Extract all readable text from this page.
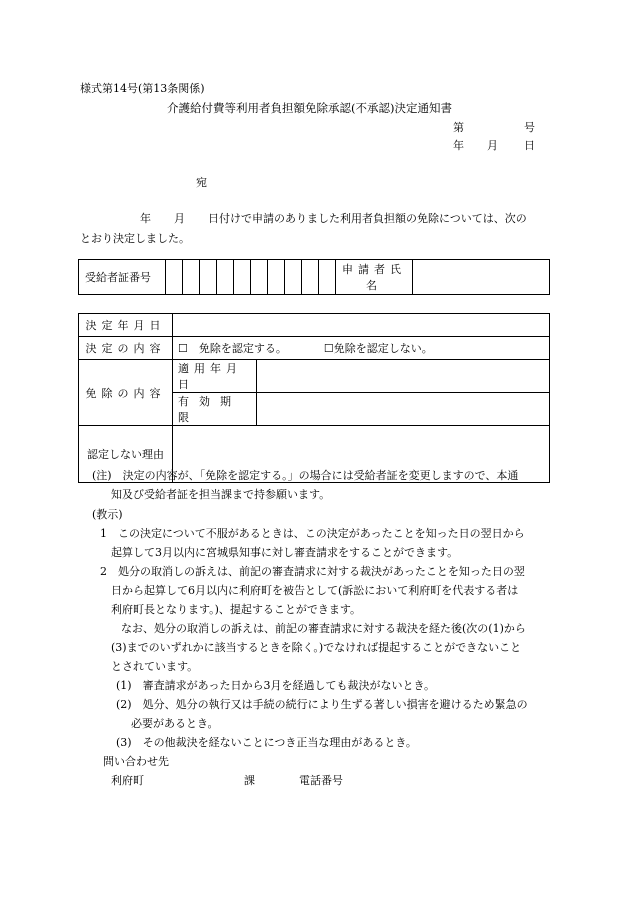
様式第14号(第13条関係)
介護給付費等利用者負担額免除承認(不承認)決定通知書
第	号
年 月 日
宛
年 月 日付けで申請のありました利用者負担額の免除については、次の
とおり決定しました。
受給者証番号											申請者氏名	
決定年月日		
決定の内容	☐　免除を認定する。 ☐免除を認定しない。	
免除の内容	適用年月日	
	有効期限	
認定しない理由		
(注)　決定の内容が、「免除を認定する。」の場合には受給者証を変更しますので、本通
知及び受給者証を担当課まで持参願います。
(教示)
1　この決定について不服があるときは、この決定があったことを知った日の翌日から
起算して3月以内に宮城県知事に対し審査請求をすることができます。
2　処分の取消しの訴えは、前記の審査請求に対する裁決があったことを知った日の翌
日から起算して6月以内に利府町を被告として(訴訟において利府町を代表する者は
利府町長となります。)、提起することができます。
なお、処分の取消しの訴えは、前記の審査請求に対する裁決を経た後(次の(1)から
(3)までのいずれかに該当するときを除く。)でなければ提起することができないこと
とされています。
(1)　審査請求があった日から3月を経過しても裁決がないとき。
(2)　処分、処分の執行又は手続の続行により生ずる著しい損害を避けるため緊急の
必要があるとき。
(3)　その他裁決を経ないことにつき正当な理由があるとき。
問い合わせ先
利府町	課	電話番号
